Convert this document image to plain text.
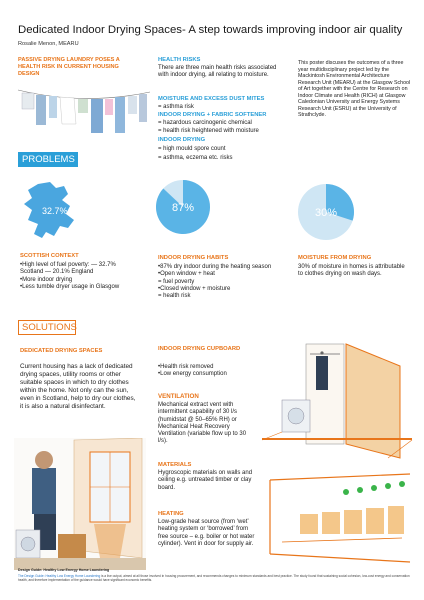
Dedicated Indoor Drying Spaces- A step towards improving indoor air quality
Rosalie Menon, MEARU
PASSIVE DRYING LAUNDRY POSES A HEALTH RISK IN CURRENT HOUSING DESIGN
HEALTH RISKS
There are three main health risks associated with indoor drying, all relating to moisture.
MOISTURE AND EXCESS DUST MITES
= asthma risk
INDOOR DRYING + FABRIC SOFTENER
= hazardous carcinogenic chemical
= health risk heightened with moisture
INDOOR DRYING
= high mould spore count
= asthma, eczema etc. risks
This poster discuses the outcomes of a three year multidisciplinary project led by the Mackintosh Environmental Architecture Research Unit (MEARU) at the Glasgow School of Art together with the Centre for Research on Indoor Climate and Health (RICH) at Glasgow Caledonian University and Energy Systems Research Unit (ESRU) at the University of Strathclyde.
PROBLEMS
32.7%	87%	30%
SCOTTISH CONTEXT
•High level of fuel poverty: — 32.7% Scotland — 20.1% England
•More indoor drying
•Less tumble dryer usage in Glasgow
INDOOR DRYING HABITS
•87% dry indoor during the heating season
•Open window + heat
= fuel poverty
•Closed window + moisture
= health risk
MOISTURE FROM DRYING
30% of moisture in homes is attributable to clothes drying on wash days.
SOLUTIONS
DEDICATED DRYING SPACES
Current housing has a lack of dedicated drying spaces, utility rooms or other suitable spaces in which to dry clothes within the home. Not only can the sun, even in Scotland, help to dry our clothes, it is also a natural disinfectant.
INDOOR DRYING CUPBOARD
•Health risk removed
•Low energy consumption
VENTILATION
Mechanical extract vent with intermittent capability of 30 l/s (humidstat @ 50–65% RH) or Mechanical Heat Recovery Ventilation (variable flow up to 30 l/s).
MATERIALS
Hygroscopic materials on walls and ceiling e.g. untreated timber or clay board.
HEATING
Low-grade heat source (from ‘wet’ heating system or ‘borrowed’ from free source – e.g. boiler or hot water cylinder). Vent in door for supply air.
Design Guide: Healthy Low Energy Home Laundering
The Design Guide: Healthy Low Energy Home Laundering is a live output, aimed at all those involved in housing procurement, and recommends changes to minimum standards and best practice. The study found that sustaining social cohesion, low-cost energy and conservation health, and therefore implementation of the guidance would have significant economic benefits.
